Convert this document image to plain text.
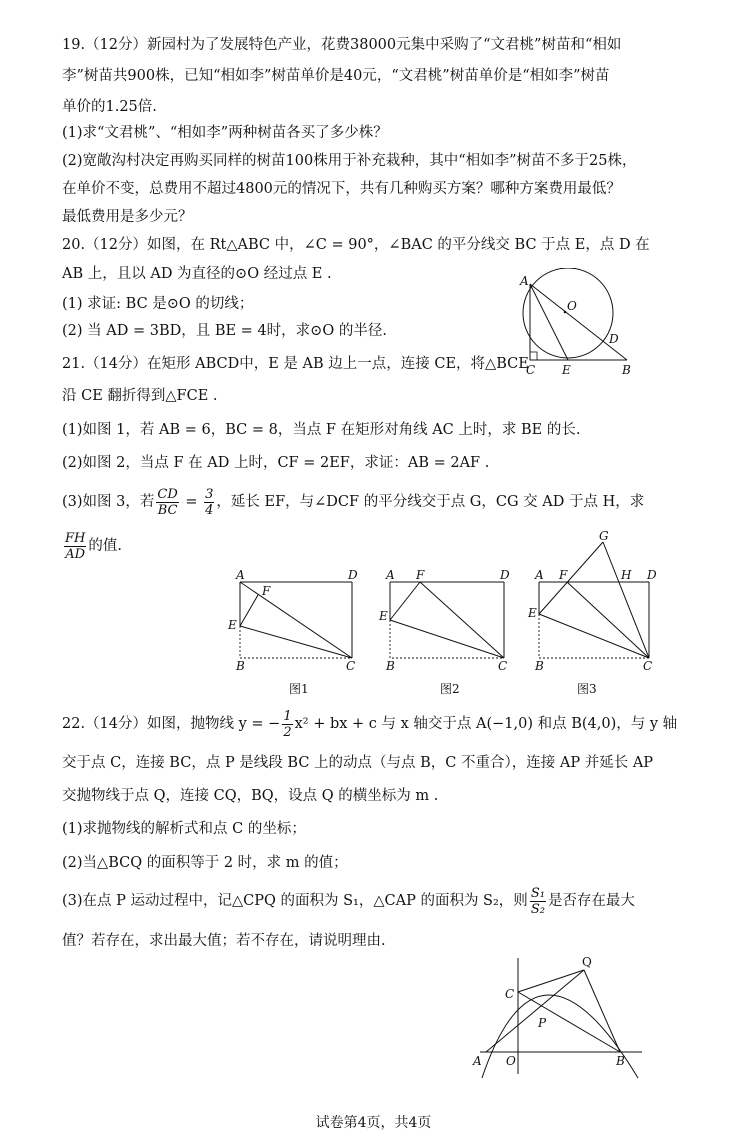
19.（12分）新园村为了发展特色产业，花费38000元集中采购了“文君桃”树苗和“相如
李”树苗共900株，已知“相如李”树苗单价是40元，“文君桃”树苗单价是“相如李”树苗
单价的1.25倍.
(1)求“文君桃”、“相如李”两种树苗各买了多少株？
(2)宽敞沟村决定再购买同样的树苗100株用于补充栽种，其中“相如李”树苗不多于25株，
在单价不变，总费用不超过4800元的情况下，共有几种购买方案？哪种方案费用最低？
最低费用是多少元？
20.（12分）如图，在 Rt△ABC 中，∠C = 90°，∠BAC 的平分线交 BC 于点 E，点 D 在
AB 上，且以 AD 为直径的⊙O 经过点 E .
(1) 求证: BC 是⊙O 的切线；
(2) 当 AD = 3BD，且 BE = 4时，求⊙O 的半径.
A
O
D
C E	B
21.（14分）在矩形 ABCD中，E 是 AB 边上一点，连接 CE，将△BCE
沿 CE 翻折得到△FCE .
(1)如图 1，若 AB = 6，BC = 8，当点 F 在矩形对角线 AC 上时，求 BE 的长.
(2)如图 2，当点 F 在 AD 上时，CF = 2EF，求证：AB = 2AF .
(3)如图 3，若 $\frac{CD}{BC} = \frac{3}{4}$ ，延长 EF，与∠DCF 的平分线交于点 G，CG 交 AD 于点 H，求
$\frac{FH}{AD}$ 的值.
A	D
F
E
B	C
图1
A F	D
E
B	C
图2
G
A F	H D
E
B	C
图3
22.（14分）如图，抛物线 y = − $\frac{1}{2} x^2$ + bx + c 与 x 轴交于点 A(−1,0) 和点 B(4,0)，与 y 轴
交于点 C，连接 BC，点 P 是线段 BC 上的动点（与点 B，C 不重合），连接 AP 并延长 AP
交抛物线于点 Q，连接 CQ，BQ，设点 Q 的横坐标为 m .
(1)求抛物线的解析式和点 C 的坐标；
(2)当△BCQ 的面积等于 2 时，求 m 的值；
(3)在点 P 运动过程中，记△CPQ 的面积为 S₁，△CAP 的面积为 S₂，则 $\frac{\text{S₁}}{\text{S₂}}$ 是否存在最大
值？若存在，求出最大值；若不存在，请说明理由.
Q
C
P
A O	B
试卷第4页，共4页
